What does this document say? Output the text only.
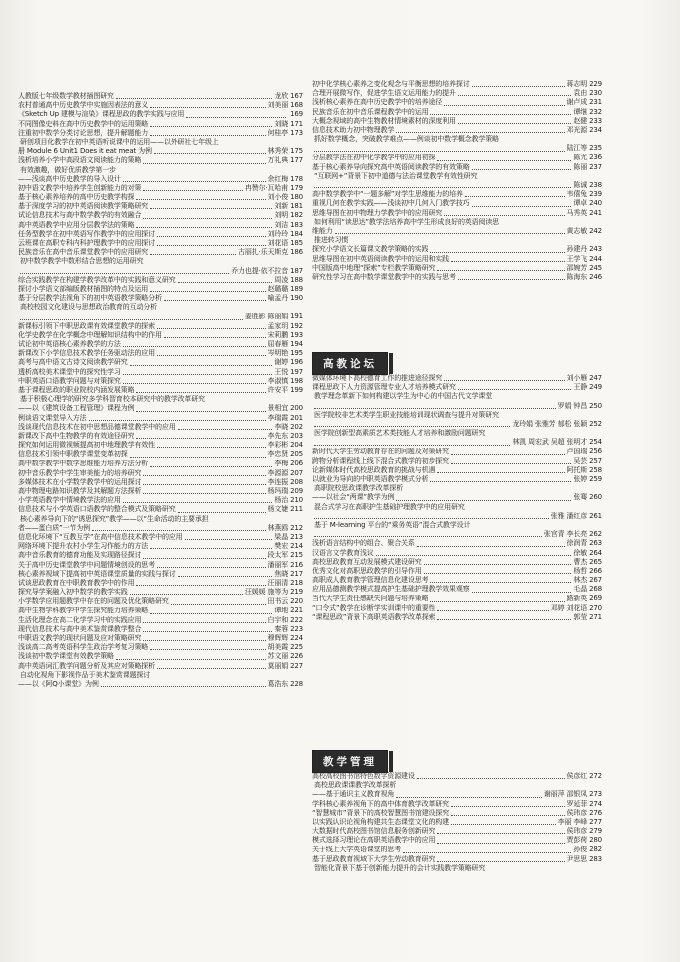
人教版七年级数学教材插图研究	龙欣 167
农村普通高中历史教学中实施因表法的意义	刘美丽 168
《Sketch Up 建模与渲染》课程思政的教学实践与应用	169
不同图像史料在高中历史教学中的运用策略	刘晓 171
注重初中数学分类讨论思想，提升解题能力	何桂亭 173
研创项目化教学在初中英语听说课中的运用——以外研社七年级上
册 Module 6 Unit1 Does it eat meat 为例	林秀荣 175
浅析培养小学中高段语文阅读能力的策略	万礼典 177
有效激趣，做好优质教学第一步
——浅谈高中历史教学的导入设计	余红梅 178
初中语文教学中培养学生创新能力的对策	冉赞尔·瓦哈甫 179
基于核心素养培养的高中历史教学构探	刘小俊 180
基于深度学习的初中英语阅读教学策略研究	刘新 181
试论信息技术与高中数学教学的有效融合	刘明 182
高中英语教学中应用分层教学法的策略	刘洁 183
任务型教学在初中英语写作教学中的应用探讨	刘玲玲 184
云班课在高职专科内科护理教学中的应用探讨	刘花语 185
民族音乐在高中音乐课堂教学中的应用研究	古丽扎·乐天斯克 186
初中数学教学中数形结合思想的运用研究
乔力也提·依不拉音 187
综合实践教学在构建学教学改革中的实践和意义研究	周凌 188
探讨小学语文部编版教材插图的特点及运用	赵璐璐 189
基于分层教学法视角下的初中英语教学策略分析	喻孟丹 190
高校校园文化建设与思想政治教育的互动分析
姜胜影 陈丽娟 191
新课标引领下中职思政课有效课堂教学的探索	孟家玥 192
化学史教学在化学概念中理解知识结构中的作用	宋莉鹏 193
试论初中英语核心素养教学的方法	屈春雁 194
新课改下小学信息技术教学任务驱动法的应用	岑明艳 195
高考与高中语文古诗文阅读教学研究	谢婷 196
透析高校美术课堂中的探究性学习	王悦 197
中职英语口语教学问题与对策探究	李淑慎 198
基于课程思政的职业院校内涵发展策略	许安平 199
基于积极心理学的研究多学科智育校本研究中的教学改革研究
——以《建筑设备工程管理》课程为例	景相宜 200
例谈语文课堂导入方法	李瑞霞 201
浅谈现代信息技术在初中思想品德课堂教学中的应用	李晓 202
新课改下高中生物教学的有效途径研究	李先东 203
探究如何运用微视频提高初中地理教学有效性	李彩彬 204
信息技术引领中职教学课堂变革初探	李忠贤 205
高中数学教学中数学思维能力培养方法分析	李梅 206
初中音乐教学中学生审美能力的培养研究	李源源 207
多媒体技术在小学数学教学中的运用探讨	李连振 208
高中物理电路知识教学及其解题方法探析	杨玛瑞 209
小学英语教学中情境教学法的应用	杨治 210
信息技术与小学英语口语教学的整合模式及策略研究	杨文婕 211
核心素养导向下的“诱思探究”教学——以“生命活动的主要承担
者——蛋白质”一节为例	林燕鸥 212
信息化环境下“互教互学”在高中信息技术教学中的应用	梁晶 213
网络环境下提升农村小学生习作能力的方法	樊宏 214
高中音乐教育的德育功能及实现路径探讨	段太军 215
关于高中历史课堂教学中问题情境创设的思考	潘丽军 216
核心素养视域下提高初中英语课堂质量的实践与探讨	焦晓 217
试谈思政教育在中职教育教学中的作用	汪丽清 218
探究导学案融入初中数学的教学实践	汪媛媛 施等为 219
小学数学应用题教学中存在的问题及优化策略研究	田书云 220
高中生物学科教学中学生探究能力培养策略	谭地 221
生活化理念在高二化学学习中的实践应用	白宇和 222
现代信息技术与高中美术鉴赏课教学整合	秦蓉 223
中职语文教学的现状问题及应对策略研究	穆辉辉 224
浅谈高二高考英语科学生政治学考复习策略	胡美霞 225
浅谈初中数学课堂有效教学策略	苏文丽 226
高中英语词汇教学问题分析及其应对策略探析	莫丽娟 227
自动化视角下影视作品于美术鉴赏课题探讨
——以《阿Q小课堂》为例	葛浩东 228
初中化学核心素养之变化观念与平衡思想的培养探讨	蒋志明 229
合理开展微写作，促进学生语文运用能力的提升	袁由 230
浅析核心素养在高中历史教学中的培养途径	谢卢成 231
民族音乐在初中音乐课程教学中的运用	谭继 232
大概念视域的高中生物教材情境素材的深度利用	赵健 233
信息技术助力初中物理教学	邓光源 234
抓好数学概念，突破教学难点——例谈初中数学概念教学策略
陆江等 235
分层教学法在初中化学教学中的应用初探	陈尤 236
基于核心素养导向探究高中英语阅读教学的有效策略	陈丽 237
“互联网+”背景下初中道德与法治课堂教学有效性研究
陈诚 238
高中数学教学中“一题多解”对学生思维能力的培养	韦僖兔 239
重视几何在教学实践——浅谈初中几何入门教学技巧	谭卓 240
思维导图在初中物理力学教学中的应用研究	马秀英 241
如何利用“读思达”教学法培养高中学生形成良好的英语阅读思
维能力	黄志敏 242
推进转习惯
探究小学语文长篇课文教学策略的实践	孙建丹 243
思维导图在初中英语阅读教学中的运用和实践	王学飞 244
中国版高中地理“探索”专栏教学策略研究	邵婉芳 245
研究性学习在高中数学课堂教学中的实践与思考	陈海东 246
高教论坛
微媒体环境下高校德育工作的推进途径探究	刘小雁 247
课程思政下人力资源管理专业人才培养模式研究	王静 249
教学理念革新下如何构建以学生为中心的中国古代文学课堂
罗娟 钟昌 250
医学院校非艺术类学生职业技能培训现状调查与提升对策研究
龙玲娟 张雅芳 郁松 张颖 252
医学院创新型高素质艺术类技能人才培养和激励问题研究
林凯 周宏武 吴超 张明才 254
新时代大学生劳动教育存在的问题及对策研究	卢国瑞 256
跨物分析课程线上线下混合式教学的初步探究	吴芸 257
论新媒体时代高校思政教育的挑战与机遇	阿托斯 258
以就业为导向的中职英语教学模式分析	张婷 259
高职院校思政课教学改革探析
——以社会“两课”教学为例	张骞 260
混合式学习在高职护生基础护理教学中的应用研究
张雅 潘红彦 261
基于 M-learning 平台的“乘务英语”混合式教学设计
张宫青 李长亮 262
浅析语言结构中的组合、聚合关系	徐润青 263
汉语言文学教育浅议	徐敏 264
高校思政教育互动发展模式建设研究	曹杰 265
优秀文化对高职思政教学的引导作用	杨哲 266
高职成人教育教学管理信息化建设思考	林杰 267
应用品德测教学模式提高护生基础护理教学效果观察	毛晶 268
当代大学生责任感缺失问题与培养策略	路新英 269
“口令式”教学在诊断学实训课中的重要性	邓婷 刘花语 270
“课程思政”背景下高职英语教学改革探索	郭莹 271
教学管理
高校高校图书馆特色数字资源建设	侯彦红 272
高校思政课课教学改革探析
——基于通识主义教育视角	谢丽萍 邵银凤 273
学科核心素养视角下的高中体育教学改革研究	罗延菲 274
“智慧城市”背景下的高校智慧图书馆建设探究	侯玮彦 276
以实践认识论视角构建共生态课堂文化的构建	李丽 李峰 277
大数据时代高校图书馆信息服务创新研究	侯玮彦 279
模式选择习理论在高职英语教学中的应用	贾彭荷 280
关于线上大学英语课堂的思考	孙俊 282
基于思政教育视域下大学生劳动教育研究	尹思思 283
智能化背景下基于创新能力提升的会计实践教学策略研究
